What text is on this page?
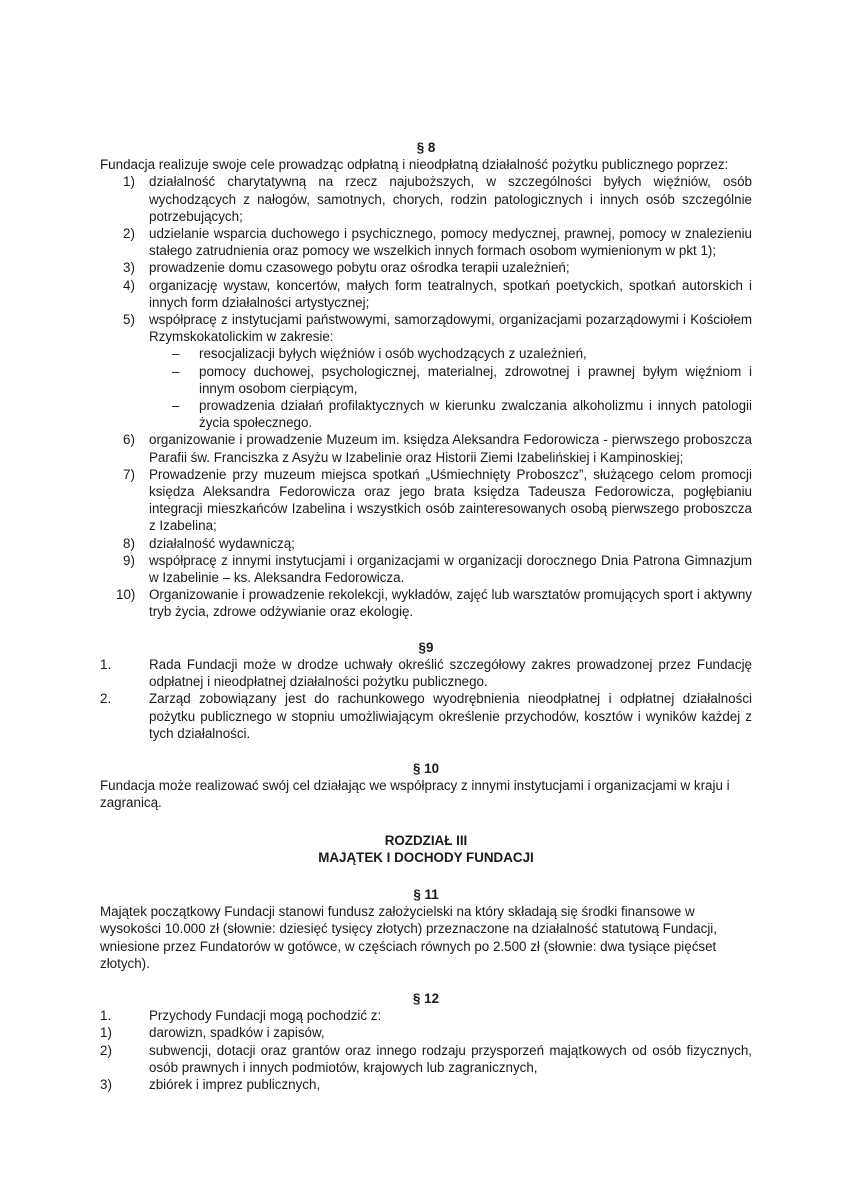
§ 8

Fundacja realizuje swoje cele prowadząc odpłatną i nieodpłatną działalność pożytku publicznego poprzez:

1) działalność charytatywną na rzecz najuboższych, w szczególności byłych więźniów, osób wychodzących z nałogów, samotnych, chorych, rodzin patologicznych i innych osób szczególnie potrzebujących;
2) udzielanie wsparcia duchowego i psychicznego, pomocy medycznej, prawnej, pomocy w znalezieniu stałego zatrudnienia oraz pomocy we wszelkich innych formach osobom wymienionym w pkt 1);
3) prowadzenie domu czasowego pobytu oraz ośrodka terapii uzależnień;
4) organizację wystaw, koncertów, małych form teatralnych, spotkań poetyckich, spotkań autorskich i innych form działalności artystycznej;
5) współpracę z instytucjami państwowymi, samorządowymi, organizacjami pozarządowymi i Kościołem Rzymskokatolickim w zakresie:
– resocjalizacji byłych więźniów i osób wychodzących z uzależnień,
– pomocy duchowej, psychologicznej, materialnej, zdrowotnej i prawnej byłym więźniom i innym osobom cierpiącym,
– prowadzenia działań profilaktycznych w kierunku zwalczania alkoholizmu i innych patologii życia społecznego.
6) organizowanie i prowadzenie Muzeum im. księdza Aleksandra Fedorowicza - pierwszego proboszcza Parafii św. Franciszka z Asyżu w Izabelinie oraz Historii Ziemi Izabelińskiej i Kampinoskiej;
7) Prowadzenie przy muzeum miejsca spotkań „Uśmiechnięty Proboszcz”, służącego celom promocji księdza Aleksandra Fedorowicza oraz jego brata księdza Tadeusza Fedorowicza, pogłębianiu integracji mieszkańców Izabelina i wszystkich osób zainteresowanych osobą pierwszego proboszcza z Izabelina;
8) działalność wydawniczą;
9) współpracę z innymi instytucjami i organizacjami w organizacji dorocznego Dnia Patrona Gimnazjum w Izabelinie – ks. Aleksandra Fedorowicza.
10) Organizowanie i prowadzenie rekolekcji, wykładów, zajęć lub warsztatów promujących sport i aktywny tryb życia, zdrowe odżywianie oraz ekologię.

§9

1.	Rada Fundacji może w drodze uchwały określić szczegółowy zakres prowadzonej przez Fundację odpłatnej i nieodpłatnej działalności pożytku publicznego.
2.	Zarząd zobowiązany jest do rachunkowego wyodrębnienia nieodpłatnej i odpłatnej działalności pożytku publicznego w stopniu umożliwiającym określenie przychodów, kosztów i wyników każdej z tych działalności.

§ 10

Fundacja może realizować swój cel działając we współpracy z innymi instytucjami i organizacjami w kraju i zagranicą.

ROZDZIAŁ III

MAJĄTEK I DOCHODY FUNDACJI

§ 11

Majątek początkowy Fundacji stanowi fundusz założycielski na który składają się środki finansowe w wysokości 10.000 zł (słownie: dziesięć tysięcy złotych) przeznaczone na działalność statutową Fundacji, wniesione przez Fundatorów w gotówce, w częściach równych po 2.500 zł (słownie: dwa tysiące pięćset złotych).

§ 12

1.	Przychody Fundacji mogą pochodzić z:
1)	darowizn, spadków i zapisów,
2)	subwencji, dotacji oraz grantów oraz innego rodzaju przysporzeń majątkowych od osób fizycznych, osób prawnych i innych podmiotów, krajowych lub zagranicznych,
3)	zbiórek i imprez publicznych,
